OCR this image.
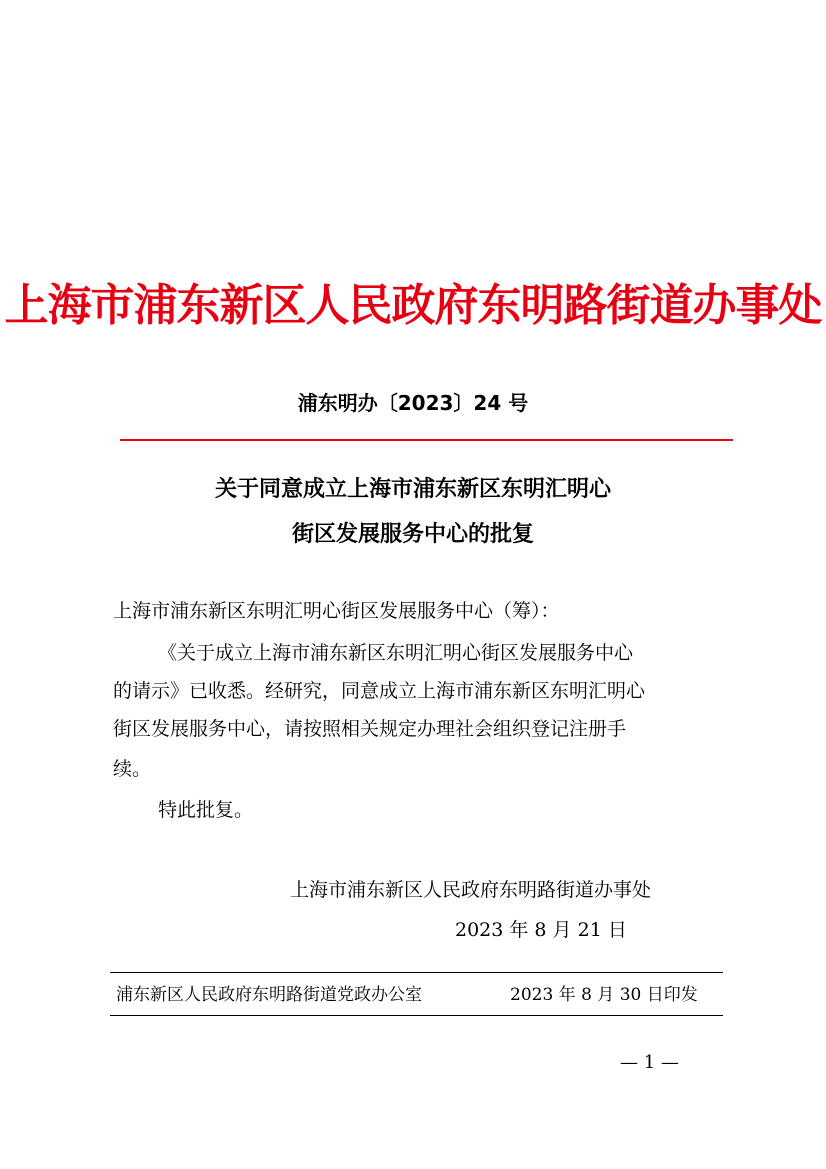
上海市浦东新区人民政府东明路街道办事处
浦东明办〔2023〕24 号
关于同意成立上海市浦东新区东明汇明心
街区发展服务中心的批复
上海市浦东新区东明汇明心街区发展服务中心（筹）：
《关于成立上海市浦东新区东明汇明心街区发展服务中心
的请示》已收悉。经研究，同意成立上海市浦东新区东明汇明心
街区发展服务中心，请按照相关规定办理社会组织登记注册手
续。
特此批复。
上海市浦东新区人民政府东明路街道办事处
2023 年 8 月 21 日
浦东新区人民政府东明路街道党政办公室	2023 年 8 月 30 日印发
— 1 —
